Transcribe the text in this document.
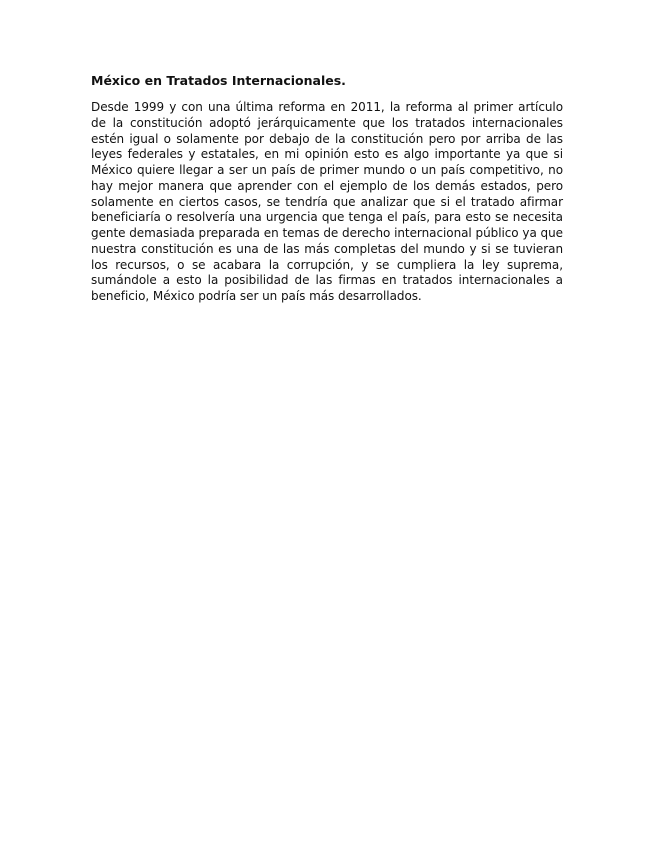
México en Tratados Internacionales.

Desde 1999 y con una última reforma en 2011, la reforma al primer artículo de la constitución adoptó jerárquicamente que los tratados internacionales estén igual o solamente por debajo de la constitución pero por arriba de las leyes federales y estatales, en mi opinión esto es algo importante ya que si México quiere llegar a ser un país de primer mundo o un país competitivo, no hay mejor manera que aprender con el ejemplo de los demás estados, pero solamente en ciertos casos, se tendría que analizar que si el tratado afirmar beneficiaría o resolvería una urgencia que tenga el país, para esto se necesita gente demasiada preparada en temas de derecho internacional público ya que nuestra constitución es una de las más completas del mundo y si se tuvieran los recursos, o se acabara la corrupción, y se cumpliera la ley suprema, sumándole a esto la posibilidad de las firmas en tratados internacionales a beneficio, México podría ser un país más desarrollados.
